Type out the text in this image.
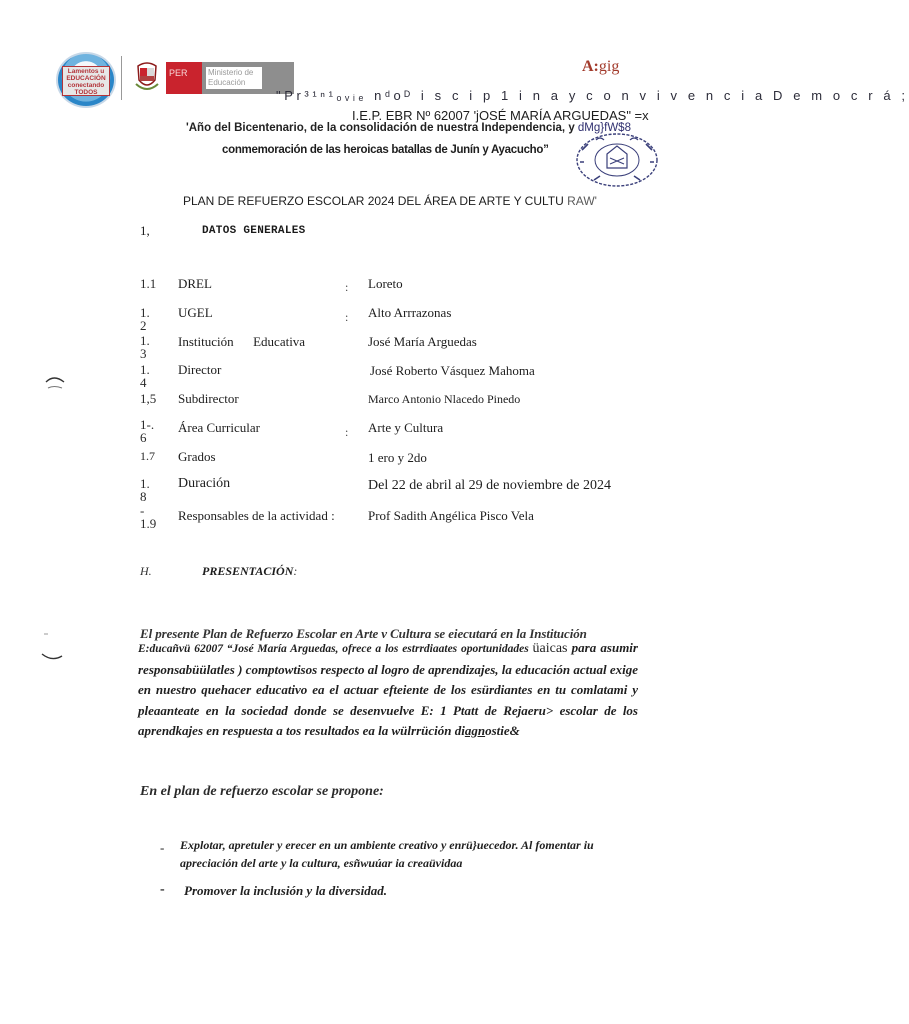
Lamentos u
EDUCACIÓN
conectando
TODOS
PER	Ministerio de Educación
A:gig
"Pr³¹ⁿ¹ₒᵥᵢₑ nᵈoᴰ i s c i p 1 i n a y c o n v i v e n c i a D e m o c r á ;
I.E.P. EBR Nº 62007 'jOSÉ MARÍA ARGUEDAS" =x
'Año del Bicentenario, de la consolidación de nuestra Independencia, y dMg}fW$8
conmemoración de las heroicas batallas de Junín y Ayacucho”
PLAN DE REFUERZO ESCOLAR 2024 DEL ÁREA DE ARTE Y CULTU RAW'
1,	DATOS GENERALES
1.1 DREL	: Loreto
1.
2
UGEL	: Alto Arrrazonas
1.
3
Institución      Educativa	José María Arguedas
1.
4
Director	José Roberto Vásquez Mahoma
1,5 Subdirector	Marco Antonio Nlacedo Pinedo
1-.
6
Área Curricular	: Arte y Cultura
1.7 Grados	1 ero y 2do
1.
8
Duración	Del 22 de abril al 29 de noviembre de 2024
-
1.9
Responsables de la actividad :	Prof Sadith Angélica Pisco Vela
H.	PRESENTACIÓN:
El presente Plan de Refuerzo Escolar en Arte v Cultura se eiecutará en la Institución
E:ducañvü 62007 “José María Arguedas, ofrece a los estrrdiaates oportunidades üaicas para asumir responsabüülatles ) comptowtisos respecto al logro de aprendizajes, la educación actual exige en nuestro quehacer educativo ea el actuar efteiente de los esürdiantes en tu comlatami y pleaanteate en la sociedad donde se desenvuelve E: 1 Ptatt de Rejaeru> escolar de los aprendkajes en respuesta a tos resultados ea la wülrrüción diagnostie&
En el plan de refuerzo escolar se propone:
- Explotar, apretuler y erecer en un ambiente creativo y enrü}uecedor. Al fomentar iu apreciación del arte y la cultura, esñwuúar ia creaüvidaa
- Promover la inclusión y la diversidad.
